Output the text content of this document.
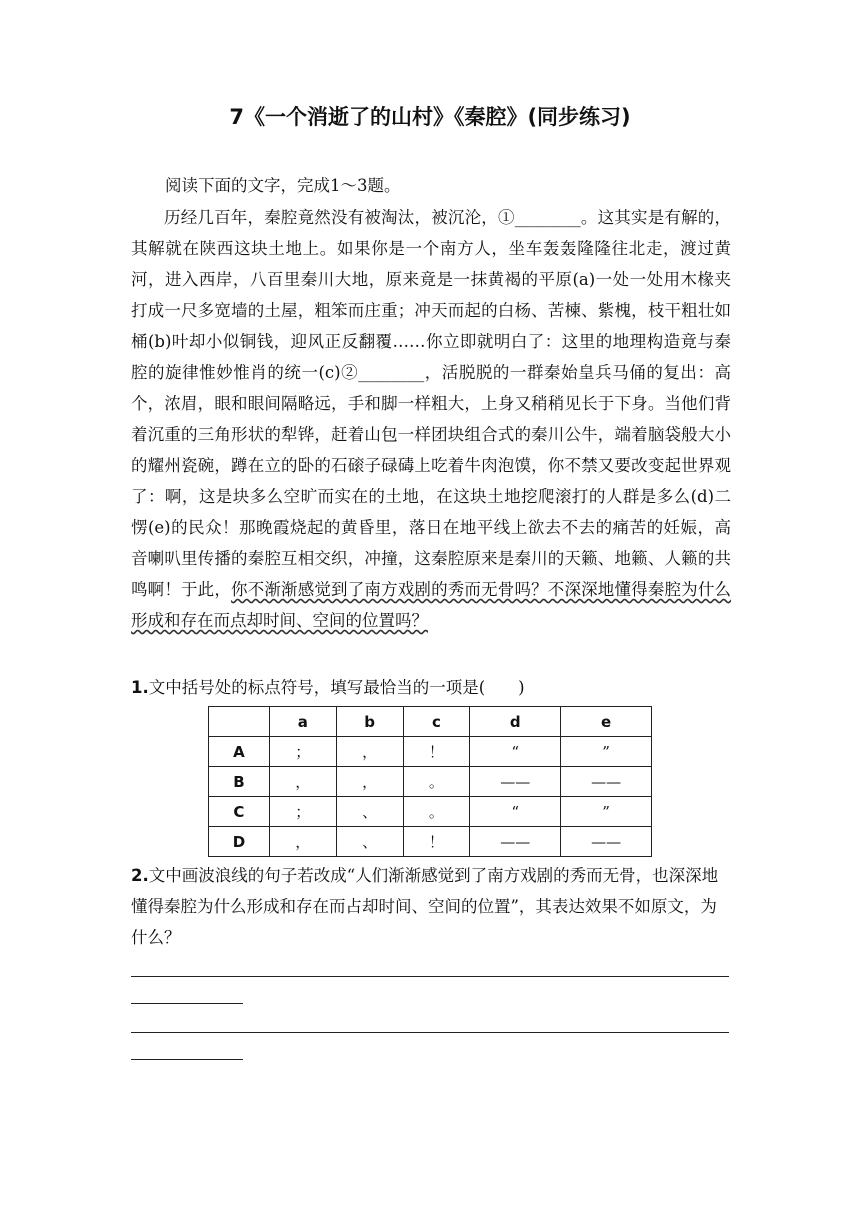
7《一个消逝了的山村》《秦腔》(同步练习)
阅读下面的文字，完成1～3题。

历经几百年，秦腔竟然没有被淘汰，被沉沦，①________。这其实是有解的，其解就在陕西这块土地上。如果你是一个南方人，坐车轰轰隆隆往北走，渡过黄河，进入西岸，八百里秦川大地，原来竟是一抹黄褐的平原(a)一处一处用木椽夹打成一尺多宽墙的土屋，粗笨而庄重；冲天而起的白杨、苦楝、紫槐，枝干粗壮如桶(b)叶却小似铜钱，迎风正反翻覆……你立即就明白了：这里的地理构造竟与秦腔的旋律惟妙惟肖的统一(c)②________，活脱脱的一群秦始皇兵马俑的复出：高个，浓眉，眼和眼间隔略远，手和脚一样粗大，上身又稍稍见长于下身。当他们背着沉重的三角形状的犁铧，赶着山包一样团块组合式的秦川公牛，端着脑袋般大小的耀州瓷碗，蹲在立的卧的石磙子碌碡上吃着牛肉泡馍，你不禁又要改变起世界观了：啊，这是块多么空旷而实在的土地，在这块土地挖爬滚打的人群是多么(d)二愣(e)的民众！那晚霞烧起的黄昏里，落日在地平线上欲去不去的痛苦的妊娠，高音喇叭里传播的秦腔互相交织，冲撞，这秦腔原来是秦川的天籁、地籁、人籁的共鸣啊！于此，你不渐渐感觉到了南方戏剧的秀而无骨吗？不深深地懂得秦腔为什么形成和存在而点却时间、空间的位置吗？

1.文中括号处的标点符号，填写最恰当的一项是(　　)

	a	b	c	d	e
A	；	，	！	“	”
B	，	，	。	——	——
C	；	、	。	“	”
D	，	、	！	——	——

2.文中画波浪线的句子若改成“人们渐渐感觉到了南方戏剧的秀而无骨，也深深地懂得秦腔为什么形成和存在而占却时间、空间的位置”，其表达效果不如原文，为什么？
